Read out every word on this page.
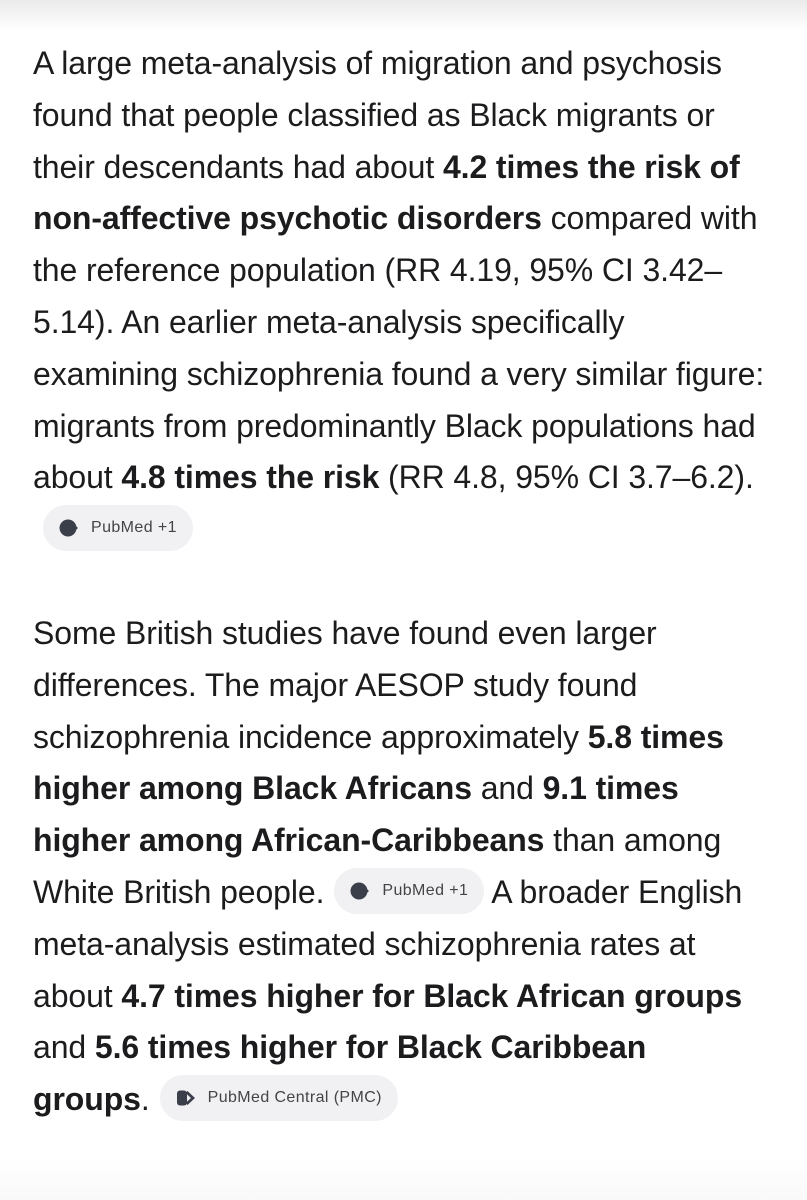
A large meta-analysis of migration and psychosis found that people classified as Black migrants or their descendants had about 4.2 times the risk of non-affective psychotic disorders compared with the reference population (RR 4.19, 95% CI 3.42–5.14). An earlier meta-analysis specifically examining schizophrenia found a very similar figure: migrants from predominantly Black populations had about 4.8 times the risk (RR 4.8, 95% CI 3.7–6.2).
PubMed +1

Some British studies have found even larger differences. The major AESOP study found schizophrenia incidence approximately 5.8 times higher among Black Africans and 9.1 times higher among African-Caribbeans than among White British people.	PubMed +1 A broader English meta-analysis estimated schizophrenia rates at about 4.7 times higher for Black African groups and 5.6 times higher for Black Caribbean groups.	PubMed Central (PMC)
